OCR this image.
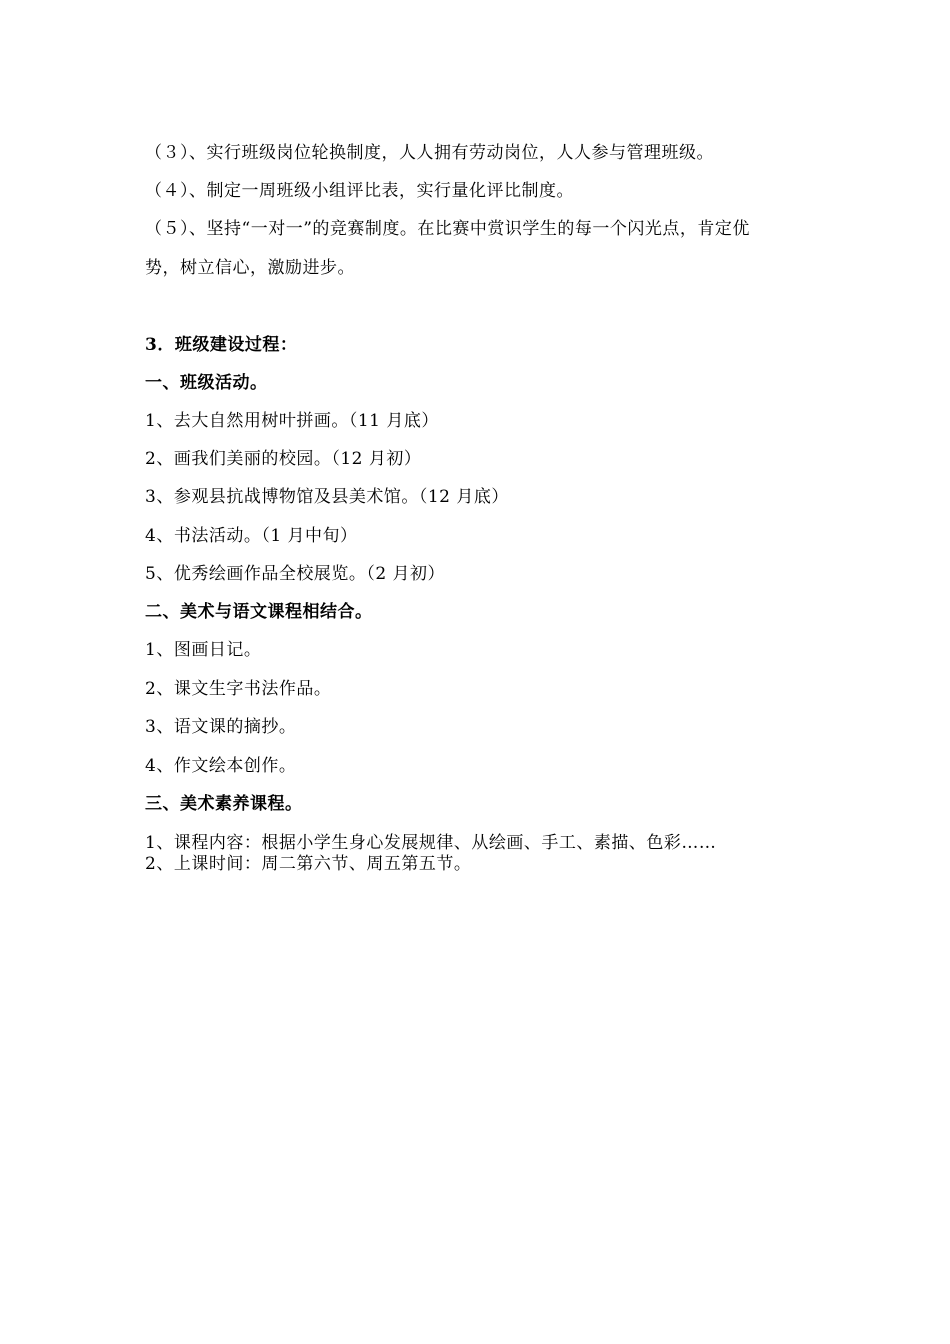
（３）、实行班级岗位轮换制度，人人拥有劳动岗位，人人参与管理班级。
（４）、制定一周班级小组评比表，实行量化评比制度。
（５）、坚持“一对一”的竞赛制度。在比赛中赏识学生的每一个闪光点，肯定优
势，树立信心，激励进步。
3．班级建设过程：
一、班级活动。
1、去大自然用树叶拼画。（11 月底）
2、画我们美丽的校园。（12 月初）
3、参观县抗战博物馆及县美术馆。（12 月底）
4、书法活动。（1 月中旬）
5、优秀绘画作品全校展览。（2 月初）
二、美术与语文课程相结合。
1、图画日记。
2、课文生字书法作品。
3、语文课的摘抄。
4、作文绘本创作。
三、美术素养课程。
1、课程内容：根据小学生身心发展规律、从绘画、手工、素描、色彩……
2、上课时间：周二第六节、周五第五节。
